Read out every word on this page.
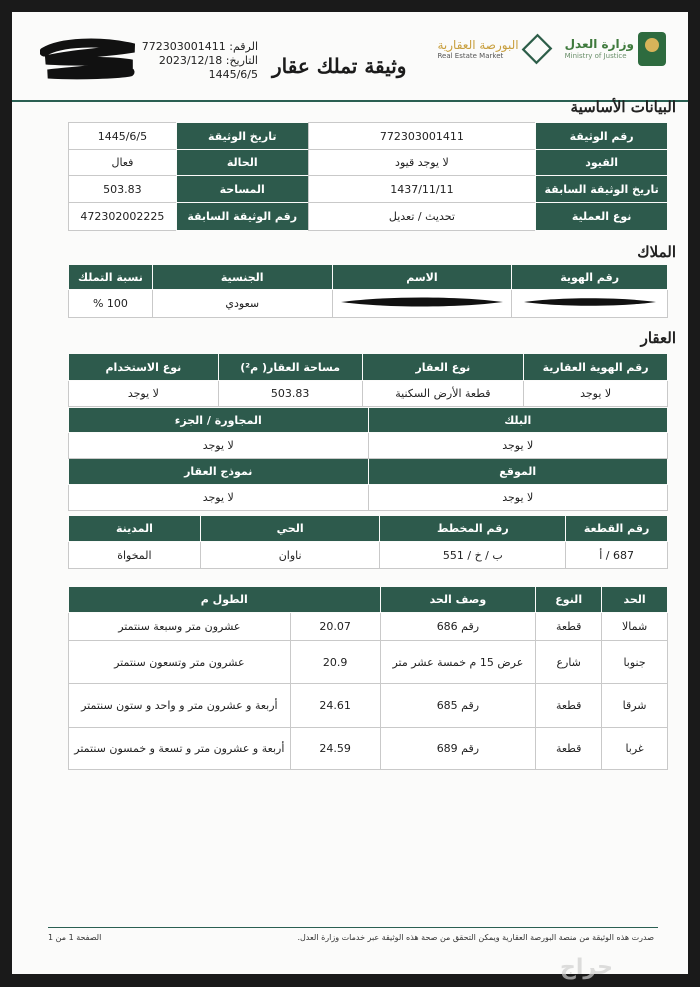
وزارة العدل
Ministry of Justice
البورصة العقارية
Real Estate Market
وثيقة تملك عقار
الرقم: 772303001411
التاريخ: 2023/12/18
1445/6/5
البيانات الأساسية
رقم الوثيقة	772303001411	تاريخ الوثيقة	1445/6/5
القيود	لا يوجد قيود	الحالة	فعال
تاريخ الوثيقة السابقة	1437/11/11	المساحة	503.83
نوع العملية	تحديث / تعديل	رقم الوثيقة السابقة	472302002225
الملاك
رقم الهوية	الاسم	الجنسية	نسبة التملك
		سعودي	% 100
العقار
رقم الهوية العقارية	نوع العقار	مساحة العقار( م²)	نوع الاستخدام
لا يوجد	قطعة الأرض السكنية	503.83	لا يوجد
البلك	المجاورة / الجزء
لا يوجد	لا يوجد
الموقع	نموذج العقار
لا يوجد	لا يوجد
رقم القطعة	رقم المخطط	الحي	المدينة
687 / أ	ب / خ / 551	ناوان	المخواة
الحد	النوع	وصف الحد	الطول م	
شمالا	قطعة	رقم 686	20.07	عشرون متر وسبعة سنتمتر
جنوبا	شارع	عرض 15 م خمسة عشر متر	20.9	عشرون متر وتسعون سنتمتر
شرقا	قطعة	رقم 685	24.61	أربعة و عشرون متر و واحد و ستون سنتمتر
غربا	قطعة	رقم 689	24.59	أربعة و عشرون متر و تسعة و خمسون سنتمتر
صدرت هذه الوثيقة من منصة البورصة العقارية ويمكن التحقق من صحة هذه الوثيقة عبر خدمات وزارة العدل.
الصفحة 1 من 1
حراج
